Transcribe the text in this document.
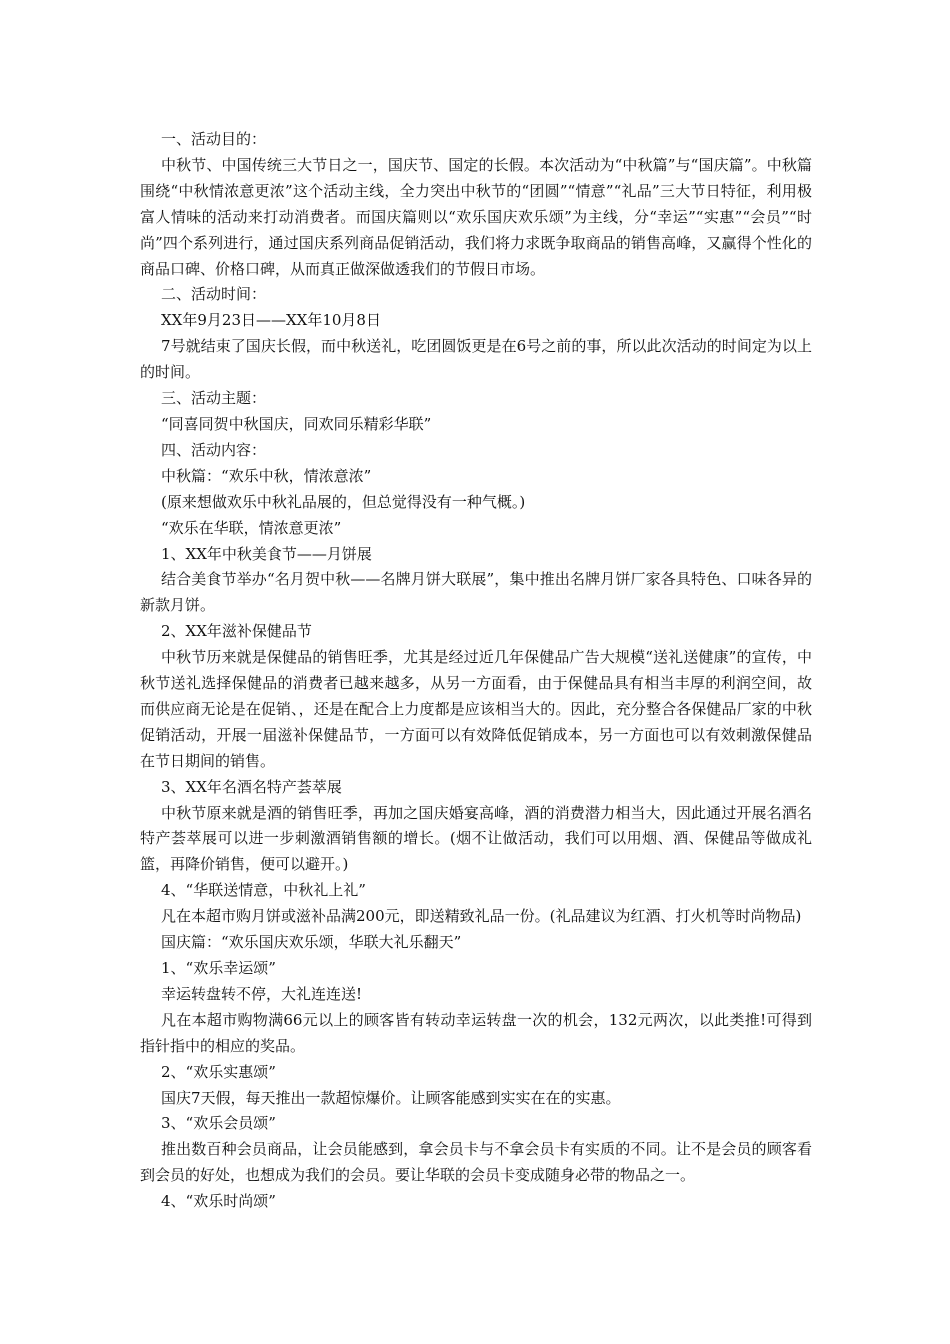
一、活动目的：

中秋节、中国传统三大节日之一，国庆节、国定的长假。本次活动为“中秋篇”与“国庆篇”。中秋篇围绕“中秋情浓意更浓”这个活动主线，全力突出中秋节的“团圆”“情意”“礼品”三大节日特征，利用极富人情味的活动来打动消费者。而国庆篇则以“欢乐国庆欢乐颂”为主线，分“幸运”“实惠”“会员”“时尚”四个系列进行，通过国庆系列商品促销活动，我们将力求既争取商品的销售高峰，又赢得个性化的商品口碑、价格口碑，从而真正做深做透我们的节假日市场。

二、活动时间：

XX年9月23日——XX年10月8日

7号就结束了国庆长假，而中秋送礼，吃团圆饭更是在6号之前的事，所以此次活动的时间定为以上的时间。

三、活动主题：

“同喜同贺中秋国庆，同欢同乐精彩华联”

四、活动内容：

中秋篇：“欢乐中秋，情浓意浓”

(原来想做欢乐中秋礼品展的，但总觉得没有一种气概。)

“欢乐在华联，情浓意更浓”

1、XX年中秋美食节——月饼展

结合美食节举办“名月贺中秋——名牌月饼大联展”，集中推出名牌月饼厂家各具特色、口味各异的新款月饼。

2、XX年滋补保健品节

中秋节历来就是保健品的销售旺季，尤其是经过近几年保健品广告大规模“送礼送健康”的宣传，中秋节送礼选择保健品的消费者已越来越多，从另一方面看，由于保健品具有相当丰厚的利润空间，故而供应商无论是在促销、，还是在配合上力度都是应该相当大的。因此，充分整合各保健品厂家的中秋促销活动，开展一届滋补保健品节，一方面可以有效降低促销成本，另一方面也可以有效刺激保健品在节日期间的销售。

3、XX年名酒名特产荟萃展

中秋节原来就是酒的销售旺季，再加之国庆婚宴高峰，酒的消费潜力相当大，因此通过开展名酒名特产荟萃展可以进一步刺激酒销售额的增长。(烟不让做活动，我们可以用烟、酒、保健品等做成礼篮，再降价销售，便可以避开。)

4、“华联送情意，中秋礼上礼”

凡在本超市购月饼或滋补品满200元，即送精致礼品一份。(礼品建议为红酒、打火机等时尚物品)

国庆篇：“欢乐国庆欢乐颂，华联大礼乐翻天”

1、“欢乐幸运颂”

幸运转盘转不停，大礼连连送!

凡在本超市购物满66元以上的顾客皆有转动幸运转盘一次的机会，132元两次，以此类推!可得到指针指中的相应的奖品。

2、“欢乐实惠颂”

国庆7天假，每天推出一款超惊爆价。让顾客能感到实实在在的实惠。

3、“欢乐会员颂”

推出数百种会员商品，让会员能感到，拿会员卡与不拿会员卡有实质的不同。让不是会员的顾客看到会员的好处，也想成为我们的会员。要让华联的会员卡变成随身必带的物品之一。

4、“欢乐时尚颂”
